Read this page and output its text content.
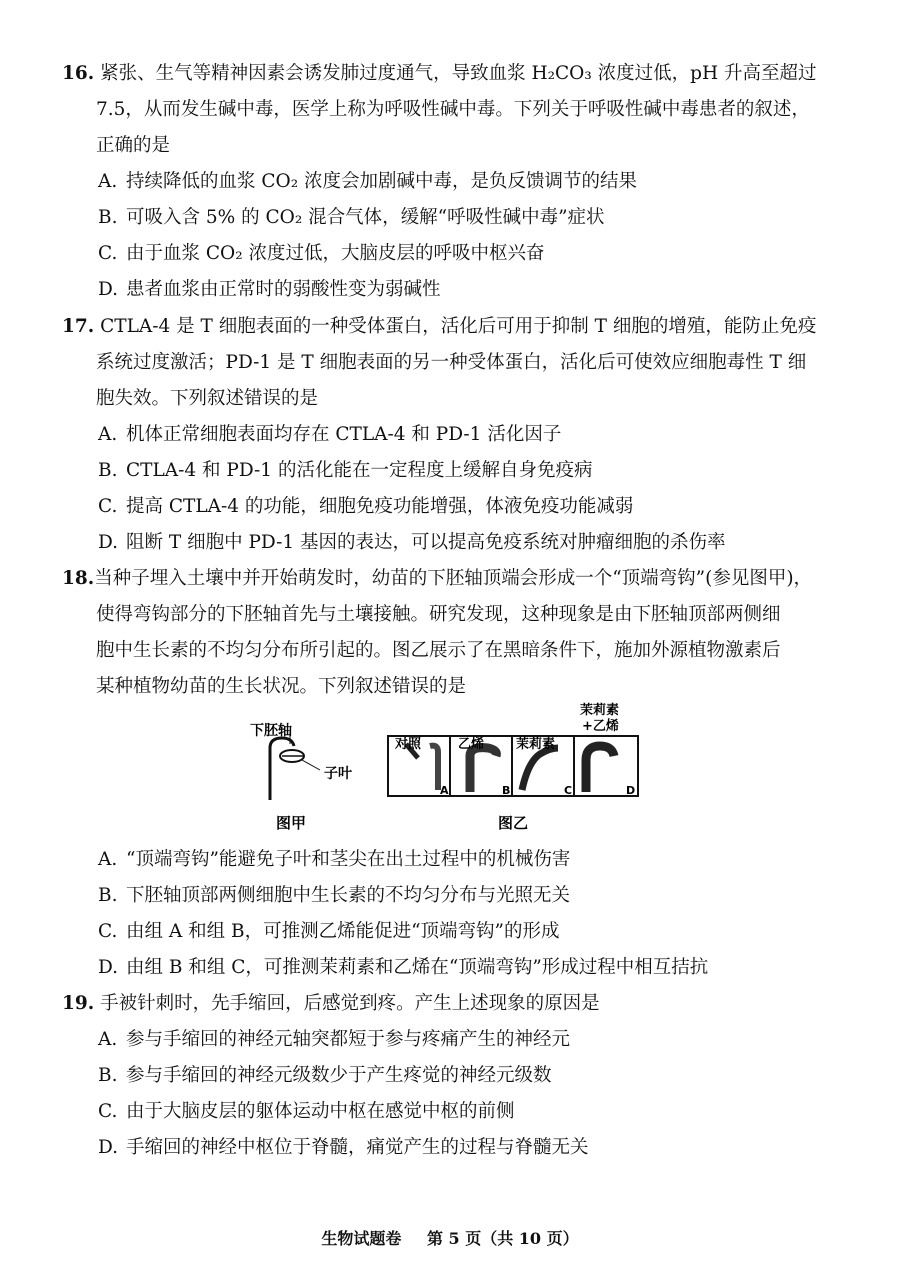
16. 紧张、生气等精神因素会诱发肺过度通气，导致血浆 H₂CO₃ 浓度过低，pH 升高至超过
7.5，从而发生碱中毒，医学上称为呼吸性碱中毒。下列关于呼吸性碱中毒患者的叙述，
正确的是
A. 持续降低的血浆 CO₂ 浓度会加剧碱中毒，是负反馈调节的结果
B. 可吸入含 5% 的 CO₂ 混合气体，缓解“呼吸性碱中毒”症状
C. 由于血浆 CO₂ 浓度过低，大脑皮层的呼吸中枢兴奋
D. 患者血浆由正常时的弱酸性变为弱碱性
17. CTLA-4 是 T 细胞表面的一种受体蛋白，活化后可用于抑制 T 细胞的增殖，能防止免疫
系统过度激活；PD-1 是 T 细胞表面的另一种受体蛋白，活化后可使效应细胞毒性 T 细
胞失效。下列叙述错误的是
A. 机体正常细胞表面均存在 CTLA-4 和 PD-1 活化因子
B. CTLA-4 和 PD-1 的活化能在一定程度上缓解自身免疫病
C. 提高 CTLA-4 的功能，细胞免疫功能增强，体液免疫功能减弱
D. 阻断 T 细胞中 PD-1 基因的表达，可以提高免疫系统对肿瘤细胞的杀伤率
18.当种子埋入土壤中并开始萌发时，幼苗的下胚轴顶端会形成一个“顶端弯钩”(参见图甲)，
使得弯钩部分的下胚轴首先与土壤接触。研究发现，这种现象是由下胚轴顶部两侧细
胞中生长素的不均匀分布所引起的。图乙展示了在黑暗条件下，施加外源植物激素后
某种植物幼苗的生长状况。下列叙述错误的是
下胚轴
子叶
图甲
对照	乙烯 茉莉素
茉莉素
+乙烯
A	B	C	D
图乙
A. “顶端弯钩”能避免子叶和茎尖在出土过程中的机械伤害
B. 下胚轴顶部两侧细胞中生长素的不均匀分布与光照无关
C. 由组 A 和组 B，可推测乙烯能促进“顶端弯钩”的形成
D. 由组 B 和组 C，可推测茉莉素和乙烯在“顶端弯钩”形成过程中相互拮抗
19. 手被针刺时，先手缩回，后感觉到疼。产生上述现象的原因是
A. 参与手缩回的神经元轴突都短于参与疼痛产生的神经元
B. 参与手缩回的神经元级数少于产生疼觉的神经元级数
C. 由于大脑皮层的躯体运动中枢在感觉中枢的前侧
D. 手缩回的神经中枢位于脊髓，痛觉产生的过程与脊髓无关
生物试题卷 第 5 页（共 10 页）
